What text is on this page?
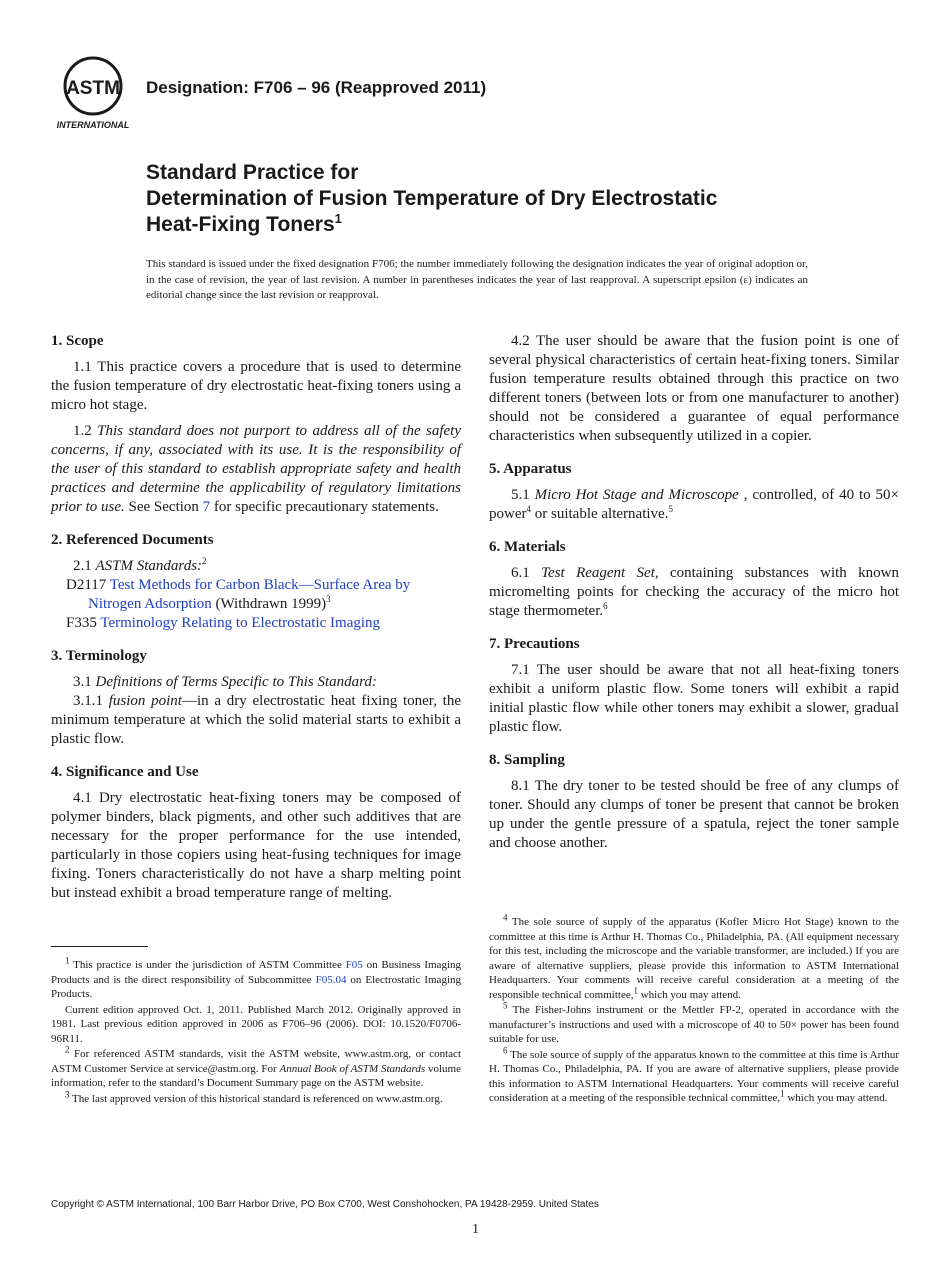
ASTM
INTERNATIONAL
Designation: F706 – 96 (Reapproved 2011)
Standard Practice for
Determination of Fusion Temperature of Dry Electrostatic
Heat-Fixing Toners$^1$
This standard is issued under the fixed designation F706; the number immediately following the designation indicates the year of original adoption or, in the case of revision, the year of last revision. A number in parentheses indicates the year of last reapproval. A superscript epsilon (ε) indicates an editorial change since the last revision or reapproval.
1. Scope

1.1 This practice covers a procedure that is used to determine the fusion temperature of dry electrostatic heat-fixing toners using a micro hot stage.

1.2 This standard does not purport to address all of the safety concerns, if any, associated with its use. It is the responsibility of the user of this standard to establish appropriate safety and health practices and determine the applicability of regulatory limitations prior to use. See Section 7 for specific precautionary statements.

2. Referenced Documents

2.1 ASTM Standards:$^2$

D2117 Test Methods for Carbon Black—Surface Area by Nitrogen Adsorption (Withdrawn 1999)$^3$
F335 Terminology Relating to Electrostatic Imaging
3. Terminology

3.1 Definitions of Terms Specific to This Standard:

3.1.1 fusion point—in a dry electrostatic heat fixing toner, the minimum temperature at which the solid material starts to exhibit a plastic flow.

4. Significance and Use

4.1 Dry electrostatic heat-fixing toners may be composed of polymer binders, black pigments, and other such additives that are necessary for the proper performance for the use intended, particularly in those copiers using heat-fusing techniques for image fixing. Toners characteristically do not have a sharp melting point but instead exhibit a broad temperature range of melting.

$^1$ This practice is under the jurisdiction of ASTM Committee F05 on Business Imaging Products and is the direct responsibility of Subcommittee F05.04 on Electrostatic Imaging Products.

Current edition approved Oct. 1, 2011. Published March 2012. Originally approved in 1981. Last previous edition approved in 2006 as F706–96 (2006). DOI: 10.1520/F0706-96R11.

$^2$ For referenced ASTM standards, visit the ASTM website, www.astm.org, or contact ASTM Customer Service at service@astm.org. For Annual Book of ASTM Standards volume information, refer to the standard’s Document Summary page on the ASTM website.

$^3$ The last approved version of this historical standard is referenced on www.astm.org.

4.2 The user should be aware that the fusion point is one of several physical characteristics of certain heat-fixing toners. Similar fusion temperature results obtained through this practice on two different toners (between lots or from one manufacturer to another) should not be considered a guarantee of equal performance characteristics when subsequently utilized in a copier.

5. Apparatus

5.1 Micro Hot Stage and Microscope , controlled, of 40 to 50× power$^4$ or suitable alternative.$^5$

6. Materials

6.1 Test Reagent Set, containing substances with known micromelting points for checking the accuracy of the micro hot stage thermometer.$^6$

7. Precautions

7.1 The user should be aware that not all heat-fixing toners exhibit a uniform plastic flow. Some toners will exhibit a rapid initial plastic flow while other toners may exhibit a slower, gradual plastic flow.

8. Sampling

8.1 The dry toner to be tested should be free of any clumps of toner. Should any clumps of toner be present that cannot be broken up under the gentle pressure of a spatula, reject the toner sample and choose another.

$^4$ The sole source of supply of the apparatus (Kofler Micro Hot Stage) known to the committee at this time is Arthur H. Thomas Co., Philadelphia, PA. (All equipment necessary for this test, including the microscope and the variable transformer, are included.) If you are aware of alternative suppliers, please provide this information to ASTM International Headquarters. Your comments will receive careful consideration at a meeting of the responsible technical committee,$^1$ which you may attend.

$^5$ The Fisher-Johns instrument or the Mettler FP-2, operated in accordance with the manufacturer’s instructions and used with a microscope of 40 to 50× power has been found suitable for use.

$^6$ The sole source of supply of the apparatus known to the committee at this time is Arthur H. Thomas Co., Philadelphia, PA. If you are aware of alternative suppliers, please provide this information to ASTM International Headquarters. Your comments will receive careful consideration at a meeting of the responsible technical committee,$^1$ which you may attend.

Copyright © ASTM International, 100 Barr Harbor Drive, PO Box C700, West Conshohocken, PA 19428-2959. United States
1
